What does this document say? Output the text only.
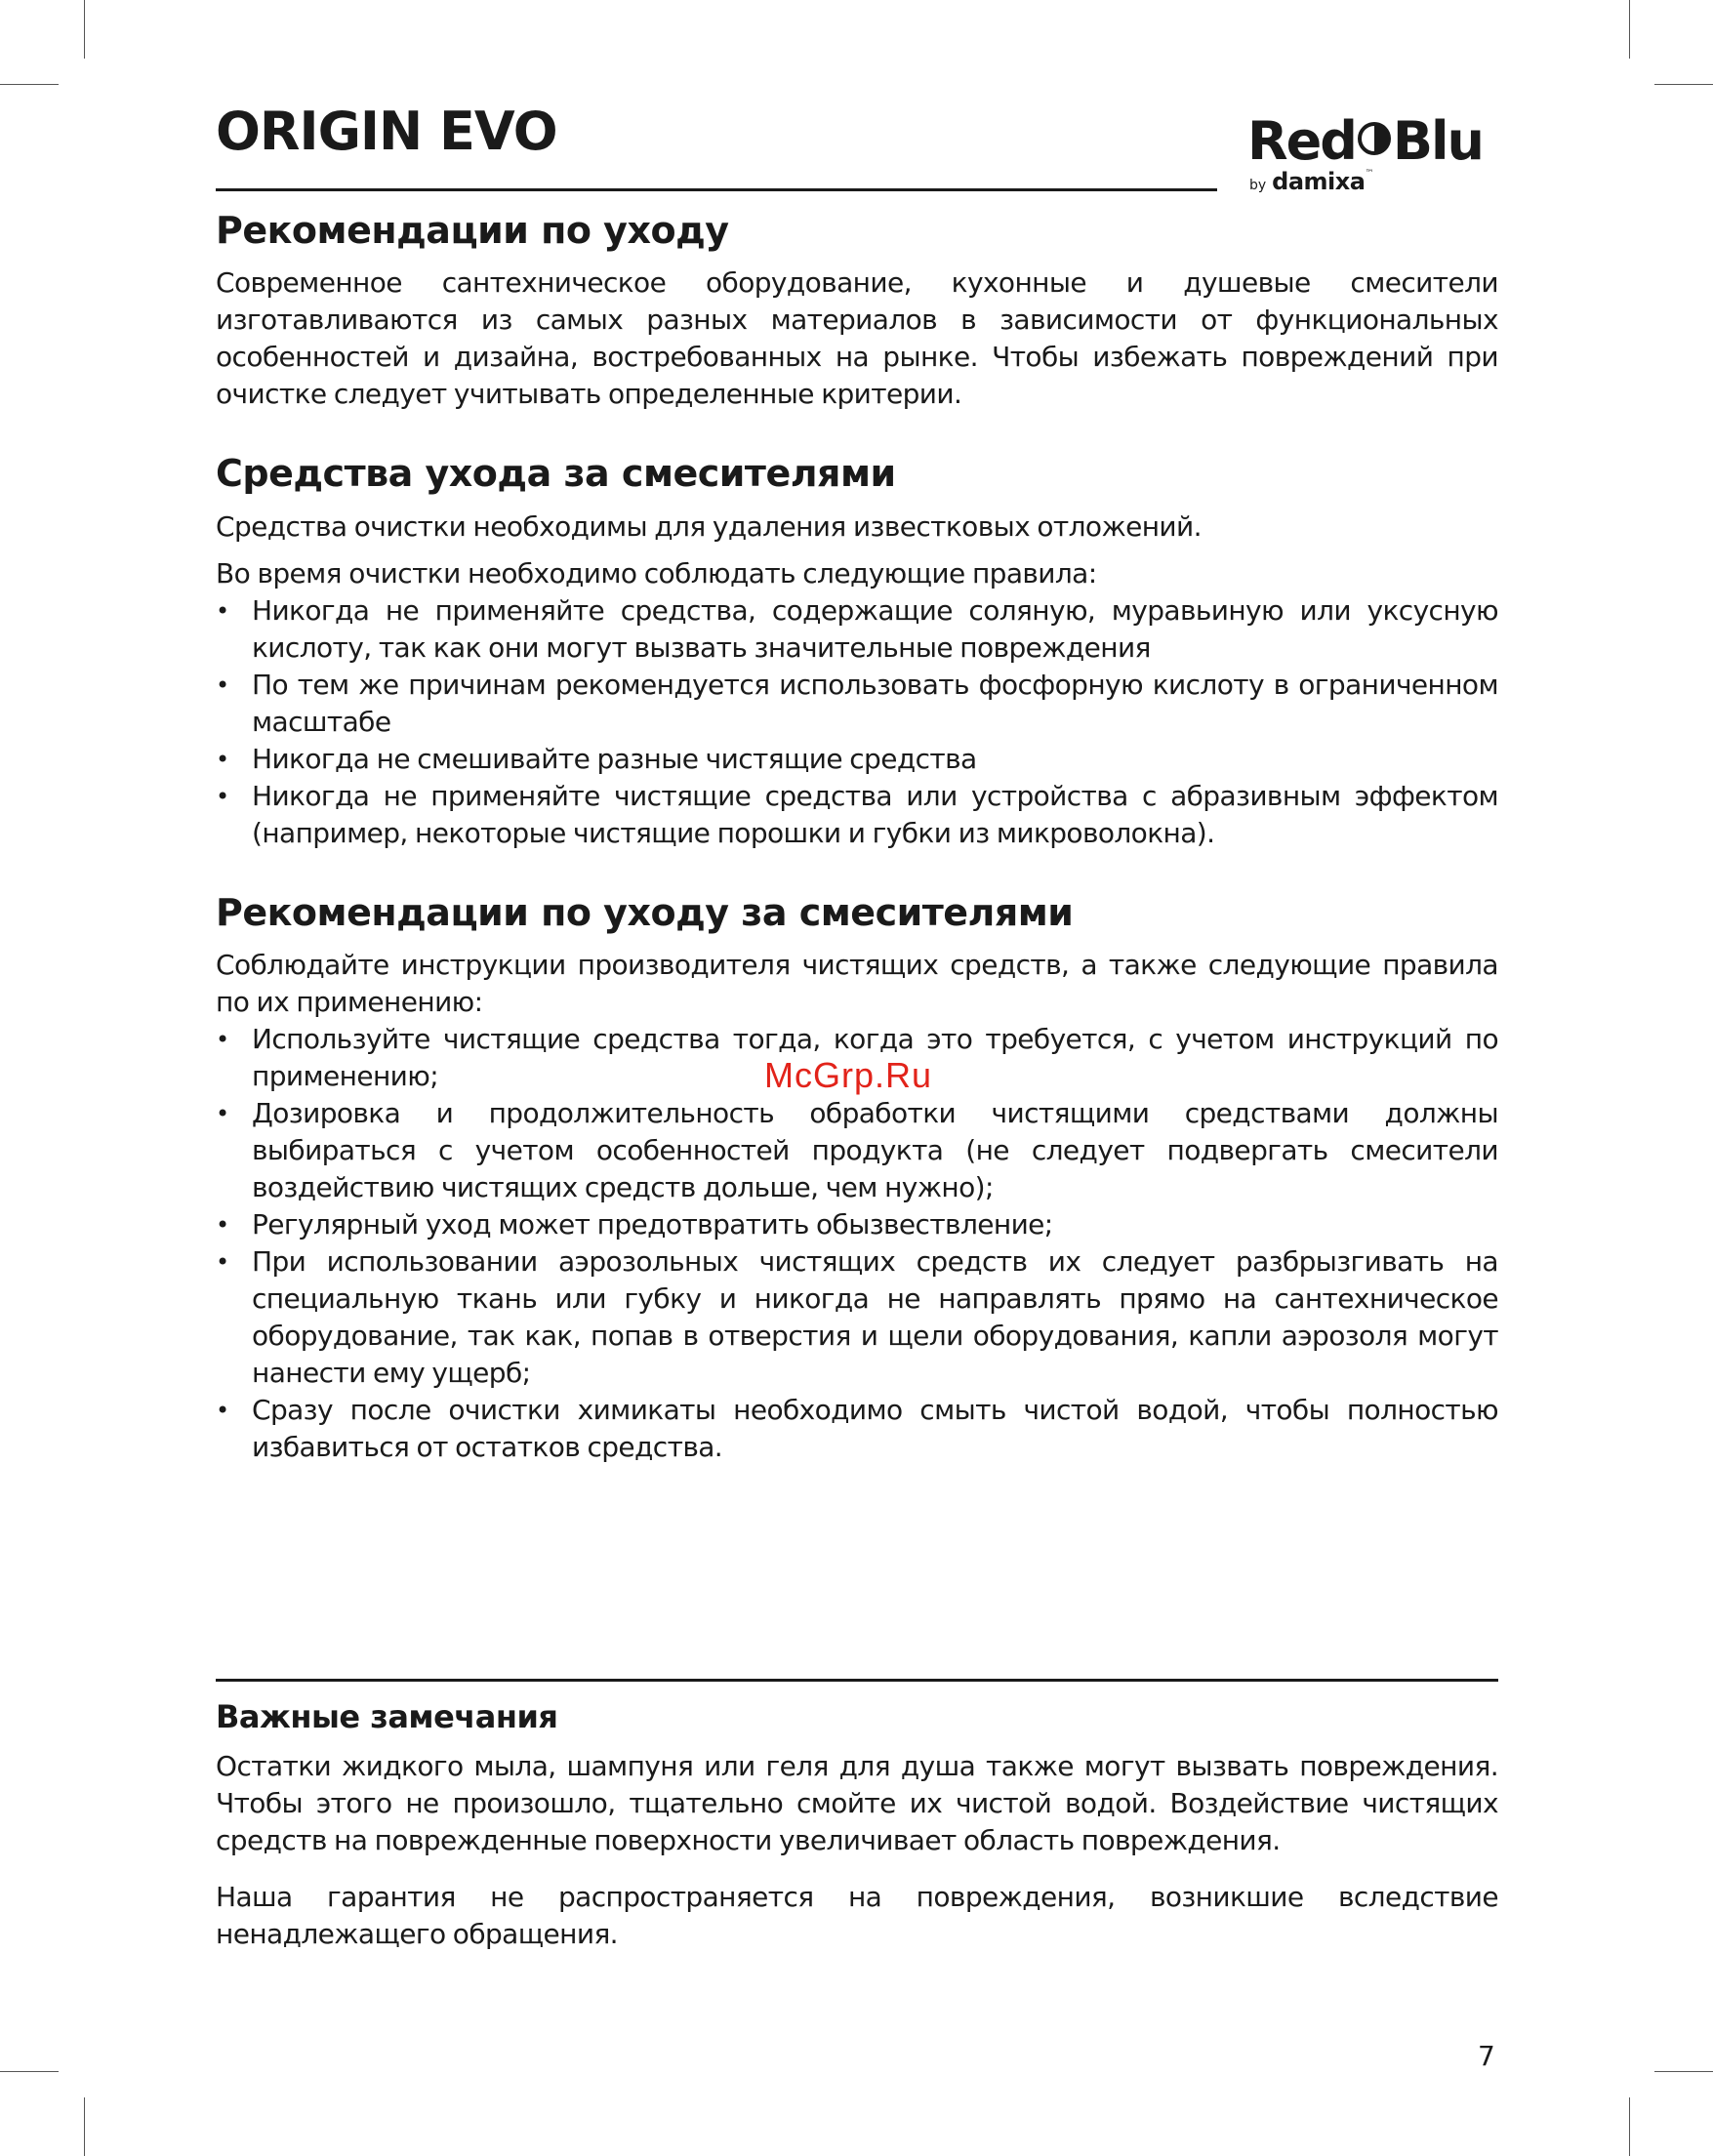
ORIGIN EVO	Red Blu
by damixa™
Рекомендации по уходу

Современное сантехническое оборудование, кухонные и душевые смесители изготавливаются из самых разных материалов в зависимости от функциональных особенностей и дизайна, востребованных на рынке. Чтобы избежать повреждений при очистке следует учитывать определенные критерии.

Средства ухода за смесителями

Средства очистки необходимы для удаления известковых отложений.

Во время очистки необходимо соблюдать следующие правила:

• Никогда не применяйте средства, содержащие соляную, муравьиную или уксусную кислоту, так как они могут вызвать значительные повреждения
• По тем же причинам рекомендуется использовать фосфорную кислоту в ограниченном масштабе
• Никогда не смешивайте разные чистящие средства
• Никогда не применяйте чистящие средства или устройства с абразивным эффектом (например, некоторые чистящие порошки и губки из микроволокна).
Рекомендации по уходу за смесителями

Соблюдайте инструкции производителя чистящих средств, а также следующие правила по их применению:

• Используйте чистящие средства тогда, когда это требуется, с учетом инструкций по применению;
• Дозировка и продолжительность обработки чистящими средствами должны выбираться с учетом особенностей продукта (не следует подвергать смесители воздействию чистящих средств дольше, чем нужно);
• Регулярный уход может предотвратить обызвествление;
• При использовании аэрозольных чистящих средств их следует разбрызгивать на специальную ткань или губку и никогда не направлять прямо на сантехническое оборудование, так как, попав в отверстия и щели оборудования, капли аэрозоля могут нанести ему ущерб;
• Сразу после очистки химикаты необходимо смыть чистой водой, чтобы полностью избавиться от остатков средства.
McGrp.Ru
Важные замечания

Остатки жидкого мыла, шампуня или геля для душа также могут вызвать повреждения. Чтобы этого не произошло, тщательно смойте их чистой водой. Воздействие чистящих средств на поврежденные поверхности увеличивает область повреждения.

Наша гарантия не распространяется на повреждения, возникшие вследствие ненадлежащего обращения.

7
